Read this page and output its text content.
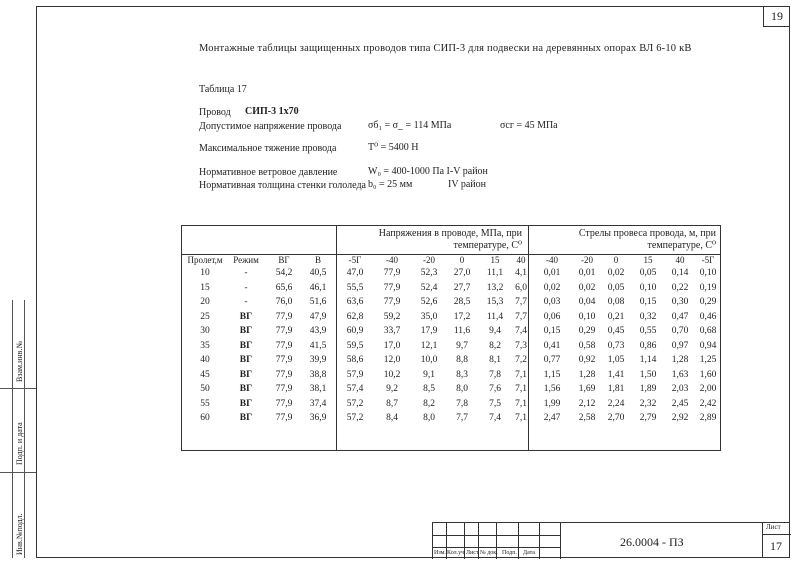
19
Монтажные таблицы защищенных проводов типа СИП-3 для подвески на деревянных опорах ВЛ 6-10 кВ
Таблица 17
Провод СИП-3 1х70
Допустимое напряжение провода	σб₁ = σ_ = 114 МПа	σсг = 45 МПа
Максимальное тяжение провода	Т⁰ = 5400 Н
Нормативное ветровое давление	W₀ = 400-1000 Па I-V район
Нормативная толщина стенки гололеда b₀ = 25 мм	IV район
Напряжения в проводе, МПа, при температуре, С⁰
Стрелы провеса провода, м, при температуре, С⁰
Пролет,м	Режим	ВГ	В	-5Г	-40	-20	0	15	40	-40	-20	0	15	40	-5Г
10	-	54,2	40,5	47,0	77,9	52,3	27,0	11,1	4,1	0,01	0,01	0,02	0,05	0,14	0,10
15	-	65,6	46,1	55,5	77,9	52,4	27,7	13,2	6,0	0,02	0,02	0,05	0,10	0,22	0,19
20	-	76,0	51,6	63,6	77,9	52,6	28,5	15,3	7,7	0,03	0,04	0,08	0,15	0,30	0,29
25	ВГ	77,9	47,9	62,8	59,2	35,0	17,2	11,4	7,7	0,06	0,10	0,21	0,32	0,47	0,46
30	ВГ	77,9	43,9	60,9	33,7	17,9	11,6	9,4	7,4	0,15	0,29	0,45	0,55	0,70	0,68
35	ВГ	77,9	41,5	59,5	17,0	12,1	9,7	8,2	7,3	0,41	0,58	0,73	0,86	0,97	0,94
40	ВГ	77,9	39,9	58,6	12,0	10,0	8,8	8,1	7,2	0,77	0,92	1,05	1,14	1,28	1,25
45	ВГ	77,9	38,8	57,9	10,2	9,1	8,3	7,8	7,1	1,15	1,28	1,41	1,50	1,63	1,60
50	ВГ	77,9	38,1	57,4	9,2	8,5	8,0	7,6	7,1	1,56	1,69	1,81	1,89	2,03	2,00
55	ВГ	77,9	37,4	57,2	8,7	8,2	7,8	7,5	7,1	1,99	2,12	2,24	2,32	2,45	2,42
60	ВГ	77,9	36,9	57,2	8,4	8,0	7,7	7,4	7,1	2,47	2,58	2,70	2,79	2,92	2,89
Инв.№подл.
Подп. и дата
Взам.инв.№
Изм. Кол.уч Лист № док. Подп. Дата
26.0004 - ПЗ
Лист
17
